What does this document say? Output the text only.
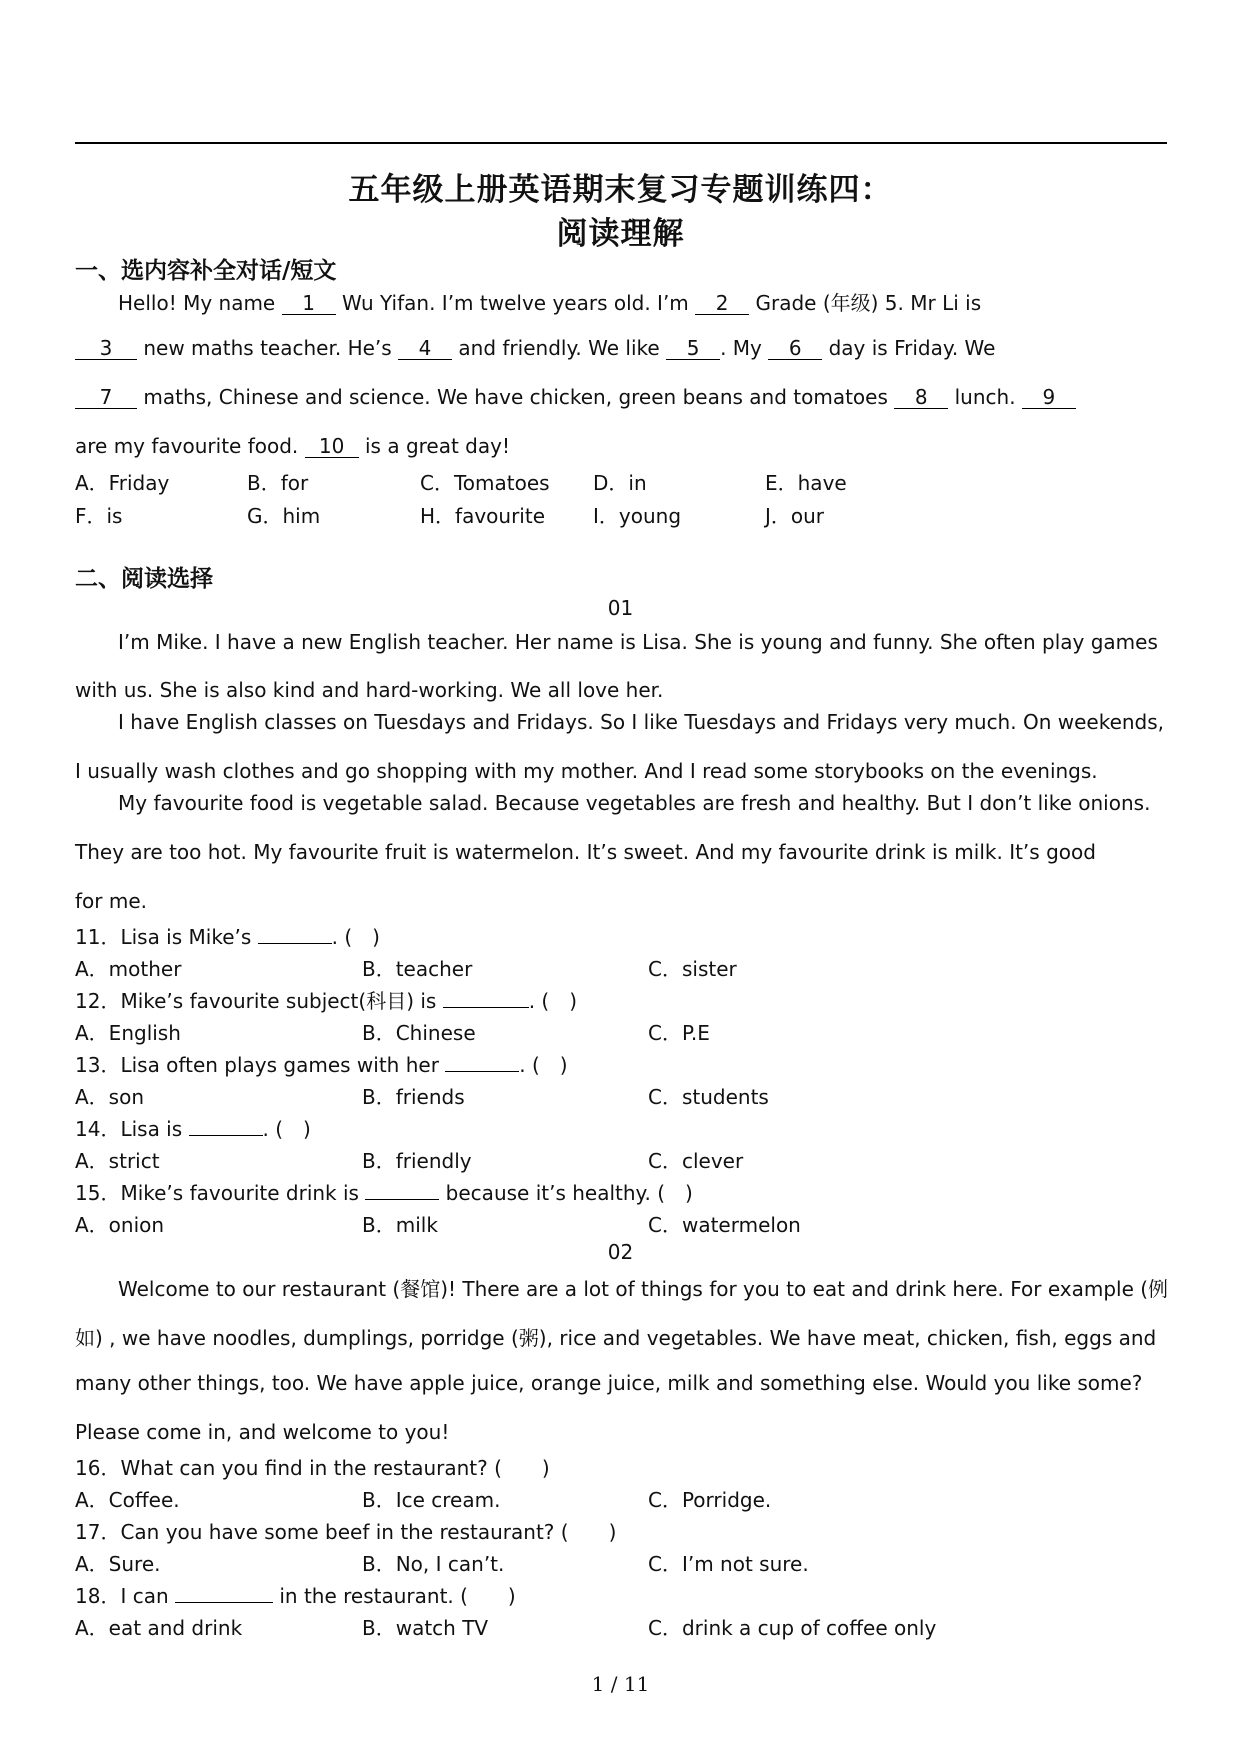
五年级上册英语期末复习专题训练四：
阅读理解
一、选内容补全对话/短文
Hello! My name 1 Wu Yifan. I’m twelve years old. I’m 2 Grade (年级) 5. Mr Li is
3 new maths teacher. He’s 4 and friendly. We like 5 . My 6 day is Friday. We
7 maths, Chinese and science. We have chicken, green beans and tomatoes 8 lunch. 9
are my favourite food. 10 is a great day!
A．Friday	B．for	C．Tomatoes D．in	E．have
F．is	G．him	H．favourite I．young	J．our
二、阅读选择
01
I’m Mike. I have a new English teacher. Her name is Lisa. She is young and funny. She often play games
with us. She is also kind and hard-working. We all love her.
I have English classes on Tuesdays and Fridays. So I like Tuesdays and Fridays very much. On weekends,
I usually wash clothes and go shopping with my mother. And I read some storybooks on the evenings.
My favourite food is vegetable salad. Because vegetables are fresh and healthy. But I don’t like onions.
They are too hot. My favourite fruit is watermelon. It’s sweet. And my favourite drink is milk. It’s good
for me.
11．Lisa is Mike’s	. (　)
A．mother	B．teacher	C．sister
12．Mike’s favourite subject(科目) is	. (　)
A．English	B．Chinese	C．P.E
13．Lisa often plays games with her	. (　)
A．son	B．friends	C．students
14．Lisa is	. (　)
A．strict	B．friendly	C．clever
15．Mike’s favourite drink is	because it’s healthy. (　)
A．onion	B．milk	C．watermelon
02
Welcome to our restaurant (餐馆)! There are a lot of things for you to eat and drink here. For example (例
如) , we have noodles, dumplings, porridge (粥), rice and vegetables. We have meat, chicken, fish, eggs and
many other things, too. We have apple juice, orange juice, milk and something else. Would you like some?
Please come in, and welcome to you!
16．What can you find in the restaurant? (　　)
A．Coffee.	B．Ice cream.	C．Porridge.
17．Can you have some beef in the restaurant? (　　)
A．Sure.	B．No, I can’t.	C．I’m not sure.
18．I can	in the restaurant. (　　)
A．eat and drink	B．watch TV	C．drink a cup of coffee only
1 / 11
